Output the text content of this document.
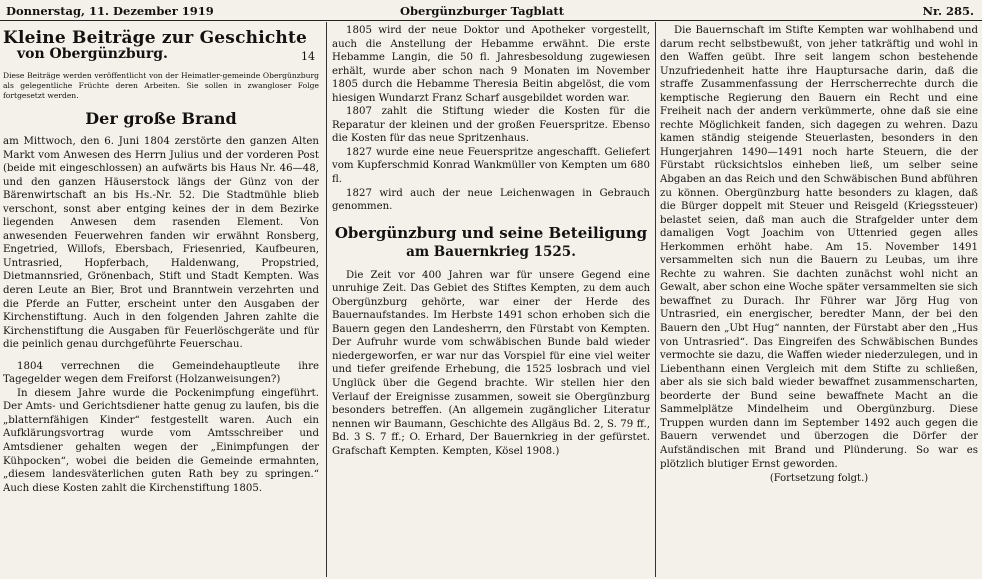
Donnerstag, 11. Dezember 1919	Obergünzburger Tagblatt	Nr. 285.
Kleine Beiträge zur Geschichte
von Obergünzburg.	14

Diese Beiträge werden veröffentlicht von der Heimatler-gemeinde Obergünzburg als gelegentliche Früchte deren Arbeiten. Sie sollen in zwangloser Folge fortgesetzt werden.

Der große Brand

am Mittwoch, den 6. Juni 1804 zerstörte den ganzen Alten Markt vom Anwesen des Herrn Julius und der vorderen Post (beide mit eingeschlossen) an aufwärts bis Haus Nr. 46—48, und den ganzen Häuserstock längs der Günz von der Bärenwirtschaft an bis Hs.-Nr. 52. Die Stadtmühle blieb verschont, sonst aber entging keines der in dem Bezirke liegenden Anwesen dem rasenden Element. Von anwesenden Feuerwehren fanden wir erwähnt Ronsberg, Engetried, Willofs, Ebersbach, Friesenried, Kaufbeuren, Untrasried, Hopferbach, Haldenwang, Propstried, Dietmannsried, Grönenbach, Stift und Stadt Kempten. Was deren Leute an Bier, Brot und Branntwein verzehrten und die Pferde an Futter, erscheint unter den Ausgaben der Kirchenstiftung. Auch in den folgenden Jahren zahlte die Kirchenstiftung die Ausgaben für Feuerlöschgeräte und für die peinlich genau durchgeführte Feuerschau.

1804 verrechnen die Gemeindehauptleute ihre Tagegelder wegen dem Freiforst (Holzanweisungen?)

In diesem Jahre wurde die Pockenimpfung eingeführt. Der Amts- und Gerichtsdiener hatte genug zu laufen, bis die „blatternfähigen Kinder“ festgestellt waren. Auch ein Aufklärungsvortrag wurde vom Amtsschreiber und Amtsdiener gehalten wegen der „Einimpfungen der Kühpocken“, wobei die beiden die Gemeinde ermahnten, „diesem landesväterlichen guten Rath bey zu springen.“ Auch diese Kosten zahlt die Kirchenstiftung 1805.

1805 wird der neue Doktor und Apotheker vorgestellt, auch die Anstellung der Hebamme erwähnt. Die erste Hebamme Langin, die 50 fl. Jahresbesoldung zugewiesen erhält, wurde aber schon nach 9 Monaten im November 1805 durch die Hebamme Theresia Beitin abgelöst, die vom hiesigen Wundarzt Franz Scharf ausgebildet worden war.

1807 zahlt die Stiftung wieder die Kosten für die Reparatur der kleinen und der großen Feuerspritze. Ebenso die Kosten für das neue Spritzenhaus.

1827 wurde eine neue Feuerspritze angeschafft. Geliefert vom Kupferschmid Konrad Wankmüller von Kempten um 680 fl.

1827 wird auch der neue Leichenwagen in Gebrauch genommen.

Obergünzburg und seine Beteiligung
am Bauernkrieg 1525.

Die Zeit vor 400 Jahren war für unsere Gegend eine unruhige Zeit. Das Gebiet des Stiftes Kempten, zu dem auch Obergünzburg gehörte, war einer der Herde des Bauernaufstandes. Im Herbste 1491 schon erhoben sich die Bauern gegen den Landesherrn, den Fürstabt von Kempten. Der Aufruhr wurde vom schwäbischen Bunde bald wieder niedergeworfen, er war nur das Vorspiel für eine viel weiter und tiefer greifende Erhebung, die 1525 losbrach und viel Unglück über die Gegend brachte. Wir stellen hier den Verlauf der Ereignisse zusammen, soweit sie Obergünzburg besonders betreffen. (An allgemein zugänglicher Literatur nennen wir Baumann, Geschichte des Allgäus Bd. 2, S. 79 ff., Bd. 3 S. 7 ff.; O. Erhard, Der Bauernkrieg in der gefürstet. Grafschaft Kempten. Kempten, Kösel 1908.)

Die Bauernschaft im Stifte Kempten war wohlhabend und darum recht selbstbewußt, von jeher tatkräftig und wohl in den Waffen geübt. Ihre seit langem schon bestehende Unzufriedenheit hatte ihre Hauptursache darin, daß die straffe Zusammenfassung der Herrscherrechte durch die kemptische Regierung den Bauern ein Recht und eine Freiheit nach der andern verkümmerte, ohne daß sie eine rechte Möglichkeit fanden, sich dagegen zu wehren. Dazu kamen ständig steigende Steuerlasten, besonders in den Hungerjahren 1490—1491 noch harte Steuern, die der Fürstabt rücksichtslos einheben ließ, um selber seine Abgaben an das Reich und den Schwäbischen Bund abführen zu können. Obergünzburg hatte besonders zu klagen, daß die Bürger doppelt mit Steuer und Reisgeld (Kriegssteuer) belastet seien, daß man auch die Strafgelder unter dem damaligen Vogt Joachim von Uttenried gegen alles Herkommen erhöht habe. Am 15. November 1491 versammelten sich nun die Bauern zu Leubas, um ihre Rechte zu wahren. Sie dachten zunächst wohl nicht an Gewalt, aber schon eine Woche später versammelten sie sich bewaffnet zu Durach. Ihr Führer war Jörg Hug von Untrasried, ein energischer, beredter Mann, der bei den Bauern den „Ubt Hug“ nannten, der Fürstabt aber den „Hus von Untrasried“. Das Eingreifen des Schwäbischen Bundes vermochte sie dazu, die Waffen wieder niederzulegen, und in Liebenthann einen Vergleich mit dem Stifte zu schließen, aber als sie sich bald wieder bewaffnet zusammenscharten, beorderte der Bund seine bewaffnete Macht an die Sammelplätze Mindelheim und Obergünzburg. Diese Truppen wurden dann im September 1492 auch gegen die Bauern verwendet und überzogen die Dörfer der Aufständischen mit Brand und Plünderung. So war es plötzlich blutiger Ernst geworden.

(Fortsetzung folgt.)
